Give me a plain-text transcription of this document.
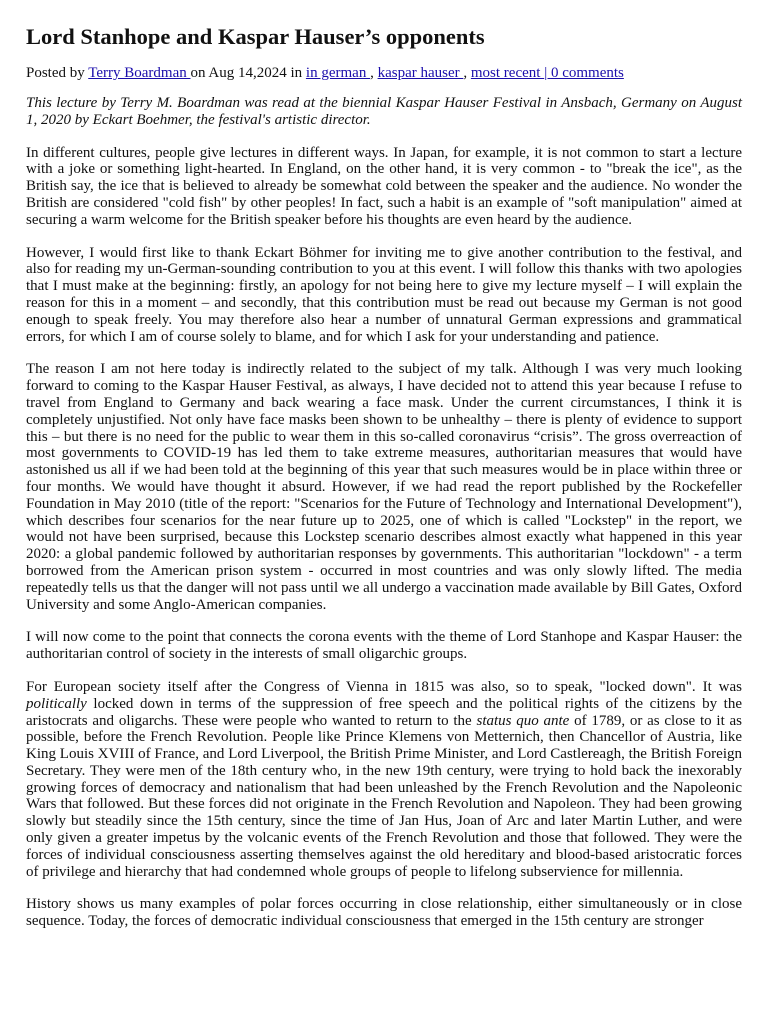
Lord Stanhope and Kaspar Hauser’s opponents
Posted by Terry Boardman on Aug 14,2024 in in german , kaspar hauser , most recent | 0 comments
This lecture by Terry M. Boardman was read at the biennial Kaspar Hauser Festival in Ansbach, Germany on August 1, 2020 by Eckart Boehmer, the festival's artistic director.

In different cultures, people give lectures in different ways. In Japan, for example, it is not common to start a lecture with a joke or something light-hearted. In England, on the other hand, it is very common - to "break the ice", as the British say, the ice that is believed to already be somewhat cold between the speaker and the audience. No wonder the British are considered "cold fish" by other peoples! In fact, such a habit is an example of "soft manipulation" aimed at securing a warm welcome for the British speaker before his thoughts are even heard by the audience.

However, I would first like to thank Eckart Böhmer for inviting me to give another contribution to the festival, and also for reading my un-German-sounding contribution to you at this event. I will follow this thanks with two apologies that I must make at the beginning: firstly, an apology for not being here to give my lecture myself – I will explain the reason for this in a moment – and secondly, that this contribution must be read out because my German is not good enough to speak freely. You may therefore also hear a number of unnatural German expressions and grammatical errors, for which I am of course solely to blame, and for which I ask for your understanding and patience.

The reason I am not here today is indirectly related to the subject of my talk. Although I was very much looking forward to coming to the Kaspar Hauser Festival, as always, I have decided not to attend this year because I refuse to travel from England to Germany and back wearing a face mask. Under the current circumstances, I think it is completely unjustified. Not only have face masks been shown to be unhealthy – there is plenty of evidence to support this – but there is no need for the public to wear them in this so-called coronavirus “crisis”. The gross overreaction of most governments to COVID-19 has led them to take extreme measures, authoritarian measures that would have astonished us all if we had been told at the beginning of this year that such measures would be in place within three or four months. We would have thought it absurd. However, if we had read the report published by the Rockefeller Foundation in May 2010 (title of the report: "Scenarios for the Future of Technology and International Development"), which describes four scenarios for the near future up to 2025, one of which is called "Lockstep" in the report, we would not have been surprised, because this Lockstep scenario describes almost exactly what happened in this year 2020: a global pandemic followed by authoritarian responses by governments. This authoritarian "lockdown" - a term borrowed from the American prison system - occurred in most countries and was only slowly lifted. The media repeatedly tells us that the danger will not pass until we all undergo a vaccination made available by Bill Gates, Oxford University and some Anglo-American companies.

I will now come to the point that connects the corona events with the theme of Lord Stanhope and Kaspar Hauser: the authoritarian control of society in the interests of small oligarchic groups.

For European society itself after the Congress of Vienna in 1815 was also, so to speak, "locked down". It was politically locked down in terms of the suppression of free speech and the political rights of the citizens by the aristocrats and oligarchs. These were people who wanted to return to the status quo ante of 1789, or as close to it as possible, before the French Revolution. People like Prince Klemens von Metternich, then Chancellor of Austria, like King Louis XVIII of France, and Lord Liverpool, the British Prime Minister, and Lord Castlereagh, the British Foreign Secretary. They were men of the 18th century who, in the new 19th century, were trying to hold back the inexorably growing forces of democracy and nationalism that had been unleashed by the French Revolution and the Napoleonic Wars that followed. But these forces did not originate in the French Revolution and Napoleon. They had been growing slowly but steadily since the 15th century, since the time of Jan Hus, Joan of Arc and later Martin Luther, and were only given a greater impetus by the volcanic events of the French Revolution and those that followed. They were the forces of individual consciousness asserting themselves against the old hereditary and blood-based aristocratic forces of privilege and hierarchy that had condemned whole groups of people to lifelong subservience for millennia.

History shows us many examples of polar forces occurring in close relationship, either simultaneously or in close sequence. Today, the forces of democratic individual consciousness that emerged in the 15th century are stronger
